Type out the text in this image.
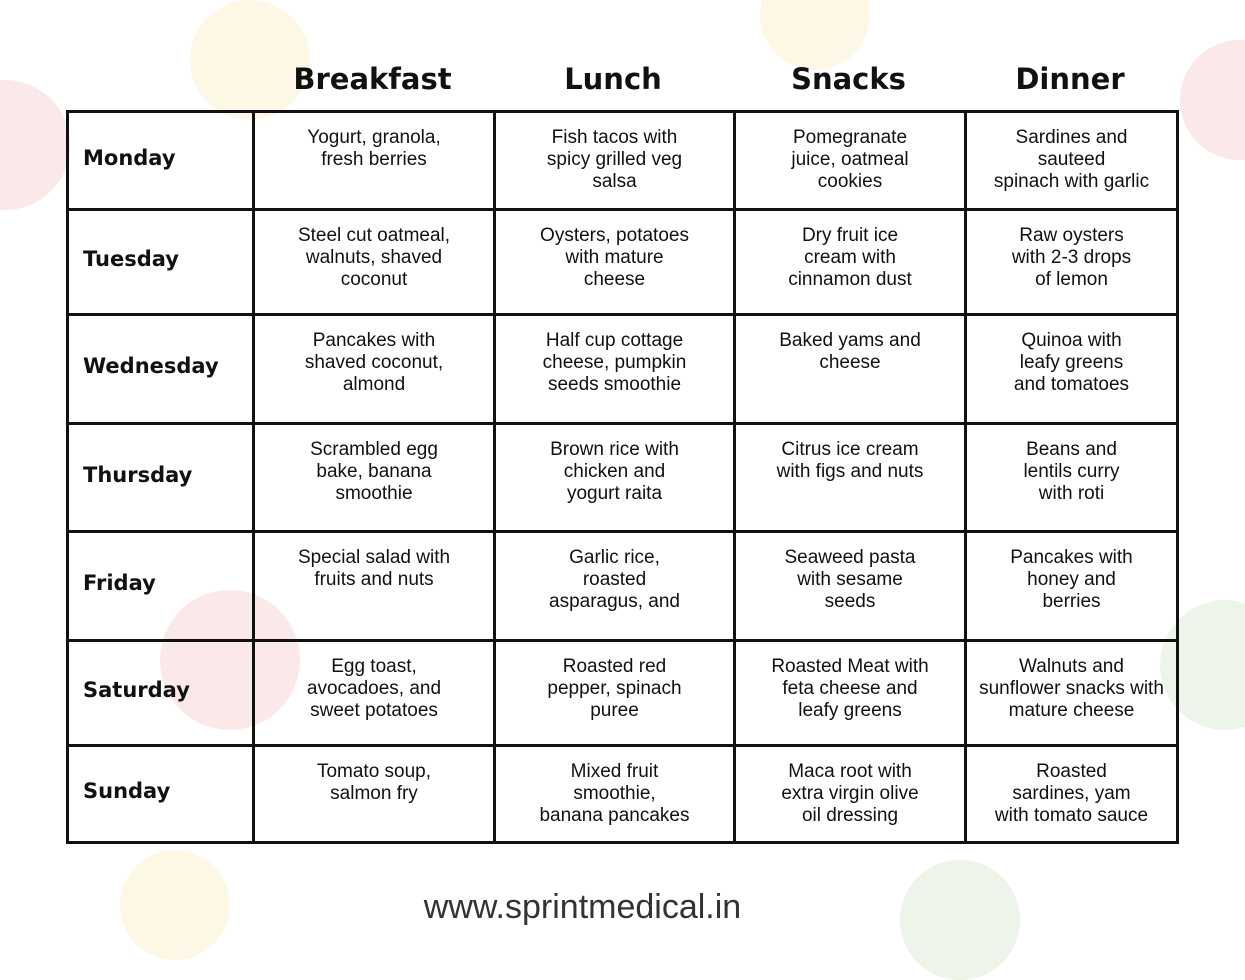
Breakfast	Lunch	Snacks	Dinner
Monday	Yogurt, granola,
fresh berries	Fish tacos with
spicy grilled veg
salsa	Pomegranate
juice, oatmeal
cookies	Sardines and
sauteed
spinach with garlic
Tuesday	Steel cut oatmeal,
walnuts, shaved
coconut	Oysters, potatoes
with mature
cheese	Dry fruit ice
cream with
cinnamon dust	Raw oysters
with 2-3 drops
of lemon
Wednesday	Pancakes with
shaved coconut,
almond	Half cup cottage
cheese, pumpkin
seeds smoothie	Baked yams and
cheese	Quinoa with
leafy greens
and tomatoes
Thursday	Scrambled egg
bake, banana
smoothie	Brown rice with
chicken and
yogurt raita	Citrus ice cream
with figs and nuts	Beans and
lentils curry
with roti
Friday	Special salad with
fruits and nuts	Garlic rice,
roasted
asparagus, and	Seaweed pasta
with sesame
seeds	Pancakes with
honey and
berries
Saturday	Egg toast,
avocadoes, and
sweet potatoes	Roasted red
pepper, spinach
puree	Roasted Meat with
feta cheese and
leafy greens	Walnuts and
sunflower snacks with
mature cheese
Sunday	Tomato soup,
salmon fry	Mixed fruit
smoothie,
banana pancakes	Maca root with
extra virgin olive
oil dressing	Roasted
sardines, yam
with tomato sauce
www.sprintmedical.in
